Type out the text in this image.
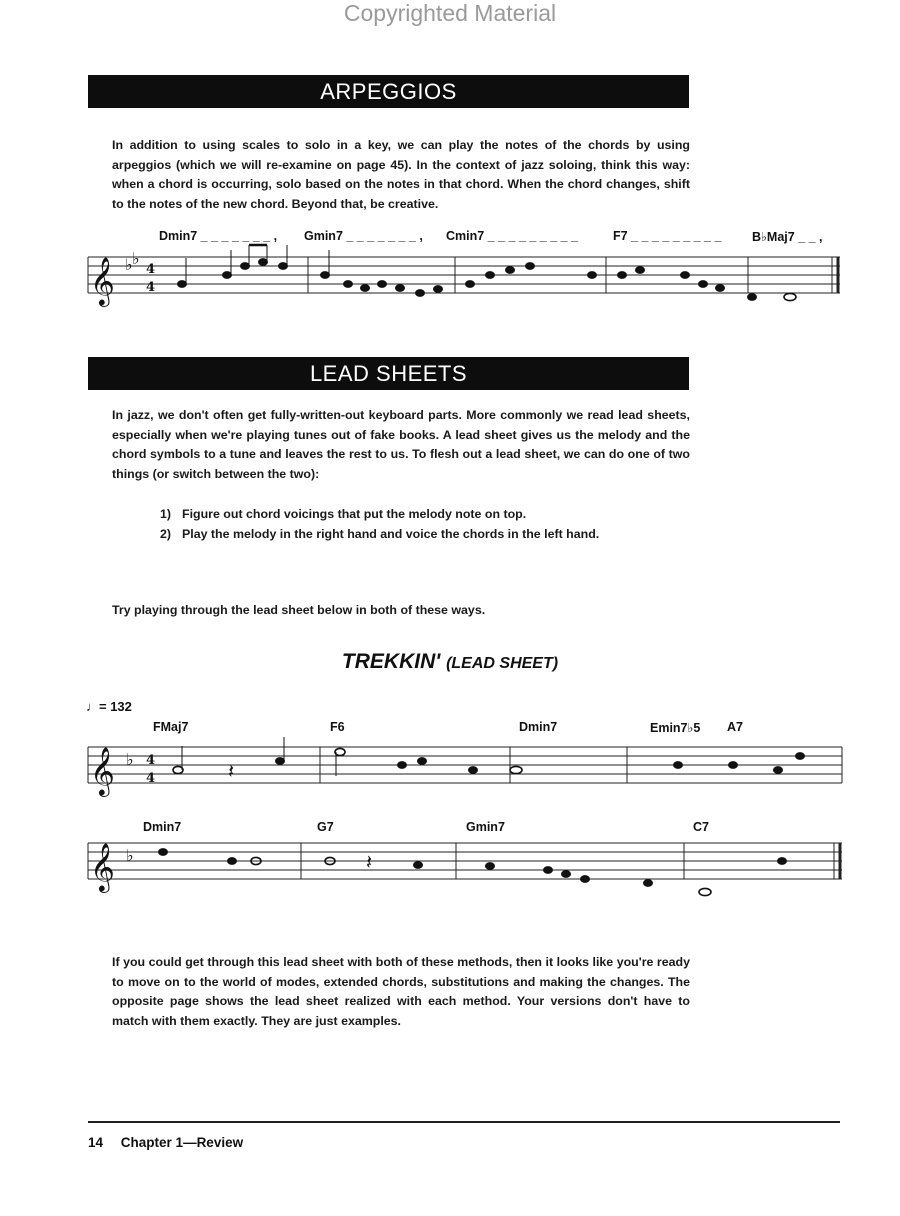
Copyrighted Material
ARPEGGIOS

In addition to using scales to solo in a key, we can play the notes of the chords by using arpeggios (which we will re-examine on page 45). In the context of jazz soloing, think this way: when a chord is occurring, solo based on the notes in that chord. When the chord changes, shift to the notes of the new chord. Beyond that, be creative.

Dmin7 _ _ _ _ _ _ _ , Gmin7 _ _ _ _ _ _ _ , Cmin7 _ _ _ _ _ _ _ _ _	F7 _ _ _ _ _ _ _ _ _ B♭Maj7 _ _ ,
LEAD SHEETS

In jazz, we don't often get fully-written-out keyboard parts. More commonly we read lead sheets, especially when we're playing tunes out of fake books. A lead sheet gives us the melody and the chord symbols to a tune and leaves the rest to us. To flesh out a lead sheet, we can do one of two things (or switch between the two):

1) Figure out chord voicings that put the melody note on top.
2) Play the melody in the right hand and voice the chords in the left hand.
Try playing through the lead sheet below in both of these ways.
TREKKIN' (LEAD SHEET)
♩= 132
FMaj7	F6	Dmin7	Emin7♭5 A7
Dmin7	G7	Gmin7	C7
If you could get through this lead sheet with both of these methods, then it looks like you're ready to move on to the world of modes, extended chords, substitutions and making the changes. The opposite page shows the lead sheet realized with each method. Your versions don't have to match with them exactly. They are just examples.
14 Chapter 1—Review
𝄞 ♭ ♭
4
4
𝄞 ♭ 4
4
𝄞 ♭
𝄽
𝄽
